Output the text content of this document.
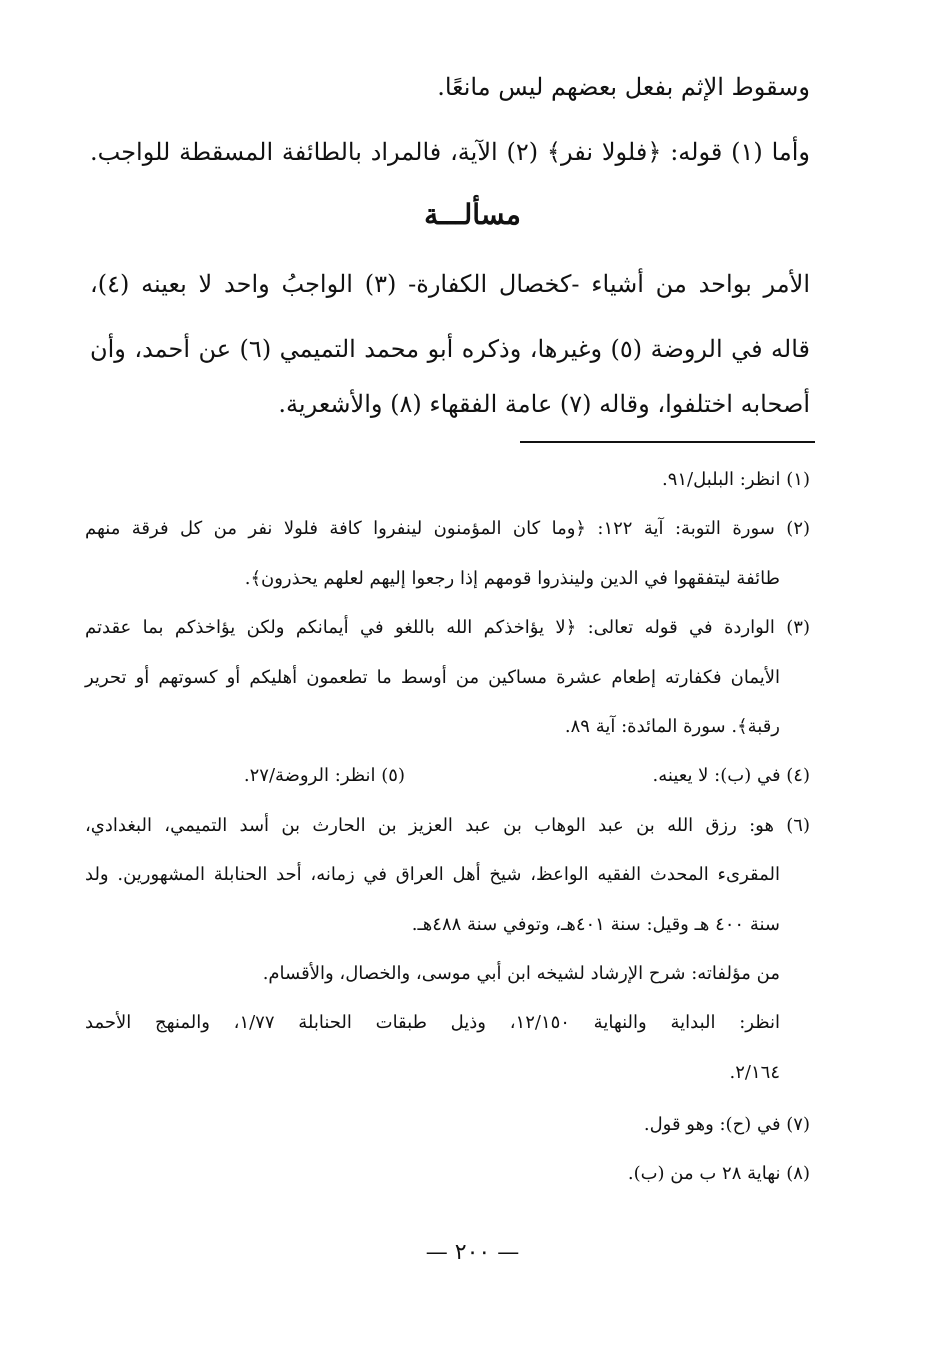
وسقوط الإثم بفعل بعضهم ليس مانعًا.
وأما (١) قوله: ﴿فلولا نفر﴾ (٢) الآية، فالمراد بالطائفة المسقطة للواجب.
مسألـــة
الأمر بواحد من أشياء -كخصال الكفارة- (٣) الواجبُ واحد لا بعينه (٤)،
قاله في الروضة (٥) وغيرها، وذكره أبو محمد التميمي (٦) عن أحمد، وأن
أصحابه اختلفوا، وقاله (٧) عامة الفقهاء (٨) والأشعرية.
(١) انظر: البلبل/٩١.
(٢) سورة التوبة: آية ١٢٢: ﴿وما كان المؤمنون لينفروا كافة فلولا نفر من كل فرقة منهم
طائفة ليتفقهوا في الدين ولينذروا قومهم إذا رجعوا إليهم لعلهم يحذرون﴾.
(٣) الواردة في قوله تعالى: ﴿لا يؤاخذكم الله باللغو في أيمانكم ولكن يؤاخذكم بما عقدتم
الأيمان فكفارته إطعام عشرة مساكين من أوسط ما تطعمون أهليكم أو كسوتهم أو تحرير
رقبة﴾. سورة المائدة: آية ٨٩.
(٤) في (ب): لا يعينه.
(٥) انظر: الروضة/٢٧.
(٦) هو: رزق الله بن عبد الوهاب بن عبد العزيز بن الحارث بن أسد التميمي، البغدادي،
المقرىء المحدث الفقيه الواعظ، شيخ أهل العراق في زمانه، أحد الحنابلة المشهورين. ولد
سنة ٤٠٠ هـ وقيل: سنة ٤٠١هـ، وتوفي سنة ٤٨٨هـ.
من مؤلفاته: شرح الإرشاد لشيخه ابن أبي موسى، والخصال، والأقسام.
انظر: البداية والنهاية ١٢/١٥٠، وذيل طبقات الحنابلة ١/٧٧، والمنهج الأحمد
٢/١٦٤.
(٧) في (ح): وهو قول.
(٨) نهاية ٢٨ ب من (ب).
— ٢٠٠ —
